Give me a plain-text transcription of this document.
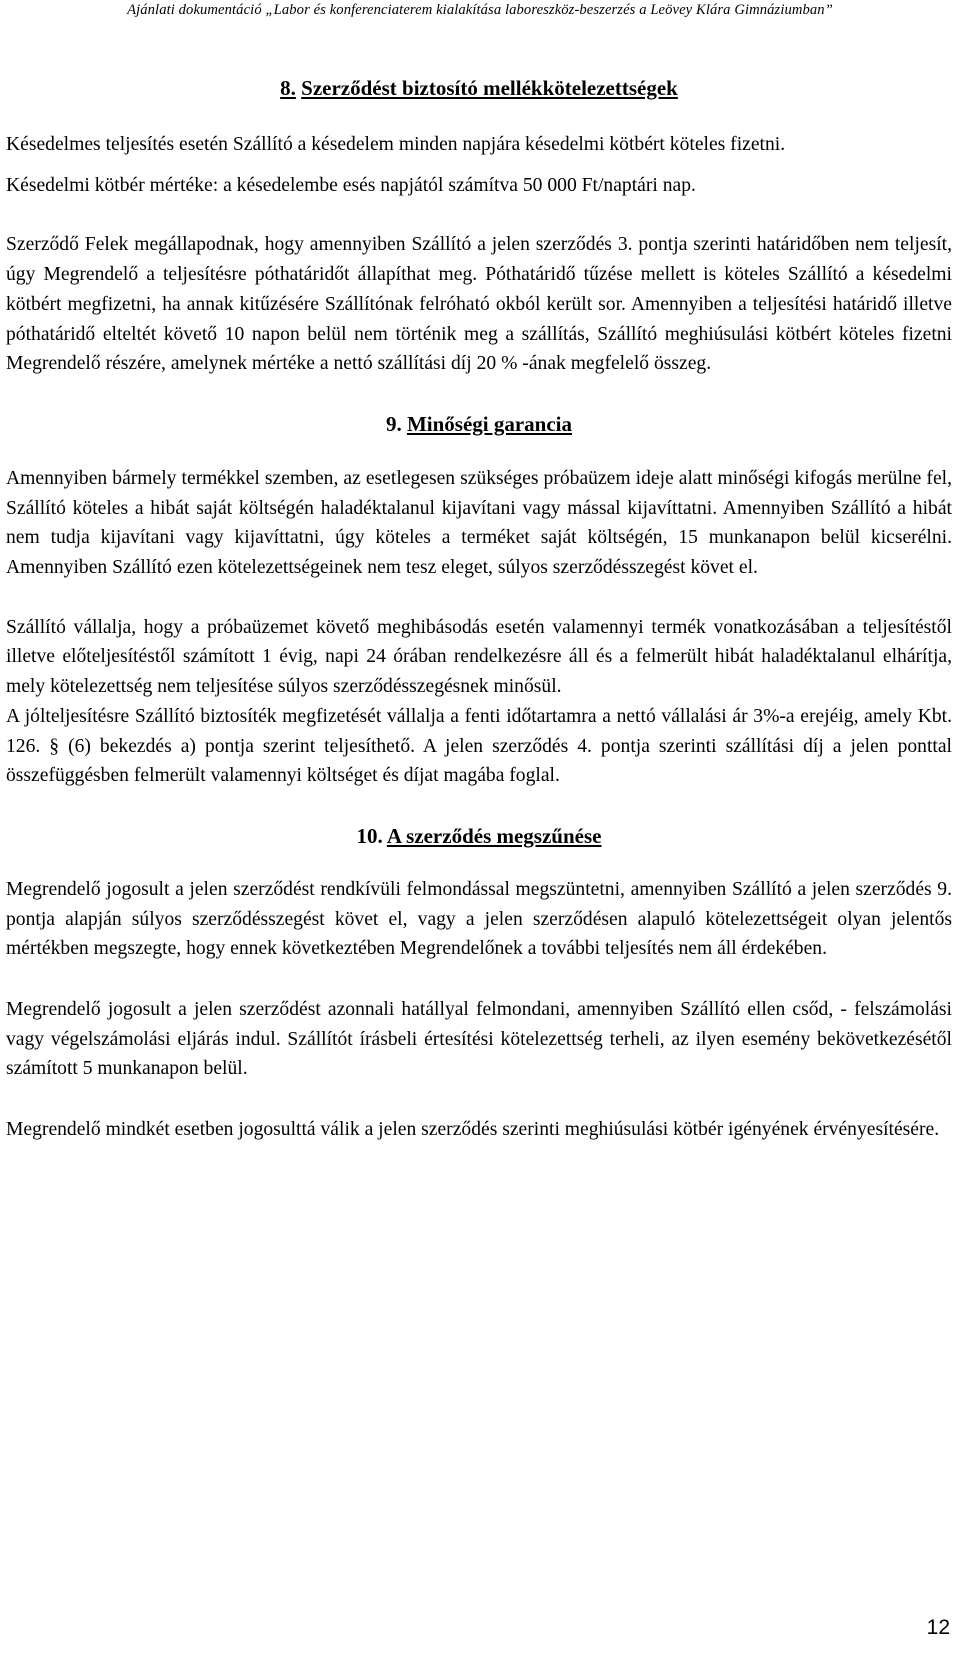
Ajánlati dokumentáció „Labor és konferenciaterem kialakítása laboreszköz-beszerzés a Leövey Klára Gimnáziumban”
8. Szerződést biztosító mellékkötelezettségek

Késedelmes teljesítés esetén Szállító a késedelem minden napjára késedelmi kötbért köteles fizetni.

Késedelmi kötbér mértéke: a késedelembe esés napjától számítva 50 000 Ft/naptári nap.

Szerződő Felek megállapodnak, hogy amennyiben Szállító a jelen szerződés 3. pontja szerinti határidőben nem teljesít, úgy Megrendelő a teljesítésre póthatáridőt állapíthat meg. Póthatáridő tűzése mellett is köteles Szállító a késedelmi kötbért megfizetni, ha annak kitűzésére Szállítónak felróható okból került sor. Amennyiben a teljesítési határidő illetve póthatáridő elteltét követő 10 napon belül nem történik meg a szállítás, Szállító meghiúsulási kötbért köteles fizetni Megrendelő részére, amelynek mértéke a nettó szállítási díj 20 % -ának megfelelő összeg.

9. Minőségi garancia

Amennyiben bármely termékkel szemben, az esetlegesen szükséges próbaüzem ideje alatt minőségi kifogás merülne fel, Szállító köteles a hibát saját költségén haladéktalanul kijavítani vagy mással kijavíttatni. Amennyiben Szállító a hibát nem tudja kijavítani vagy kijavíttatni, úgy köteles a terméket saját költségén, 15 munkanapon belül kicserélni. Amennyiben Szállító ezen kötelezettségeinek nem tesz eleget, súlyos szerződésszegést követ el.

Szállító vállalja, hogy a próbaüzemet követő meghibásodás esetén valamennyi termék vonatkozásában a teljesítéstől illetve előteljesítéstől számított 1 évig, napi 24 órában rendelkezésre áll és a felmerült hibát haladéktalanul elhárítja, mely kötelezettség nem teljesítése súlyos szerződésszegésnek minősül.

A jólteljesítésre Szállító biztosíték megfizetését vállalja a fenti időtartamra a nettó vállalási ár 3%-a erejéig, amely Kbt. 126. § (6) bekezdés a) pontja szerint teljesíthető. A jelen szerződés 4. pontja szerinti szállítási díj a jelen ponttal összefüggésben felmerült valamennyi költséget és díjat magába foglal.

10. A szerződés megszűnése

Megrendelő jogosult a jelen szerződést rendkívüli felmondással megszüntetni, amennyiben Szállító a jelen szerződés 9. pontja alapján súlyos szerződésszegést követ el, vagy a jelen szerződésen alapuló kötelezettségeit olyan jelentős mértékben megszegte, hogy ennek következtében Megrendelőnek a további teljesítés nem áll érdekében.

Megrendelő jogosult a jelen szerződést azonnali hatállyal felmondani, amennyiben Szállító ellen csőd, - felszámolási vagy végelszámolási eljárás indul. Szállítót írásbeli értesítési kötelezettség terheli, az ilyen esemény bekövetkezésétől számított 5 munkanapon belül.

Megrendelő mindkét esetben jogosulttá válik a jelen szerződés szerinti meghiúsulási kötbér igényének érvényesítésére.

12
